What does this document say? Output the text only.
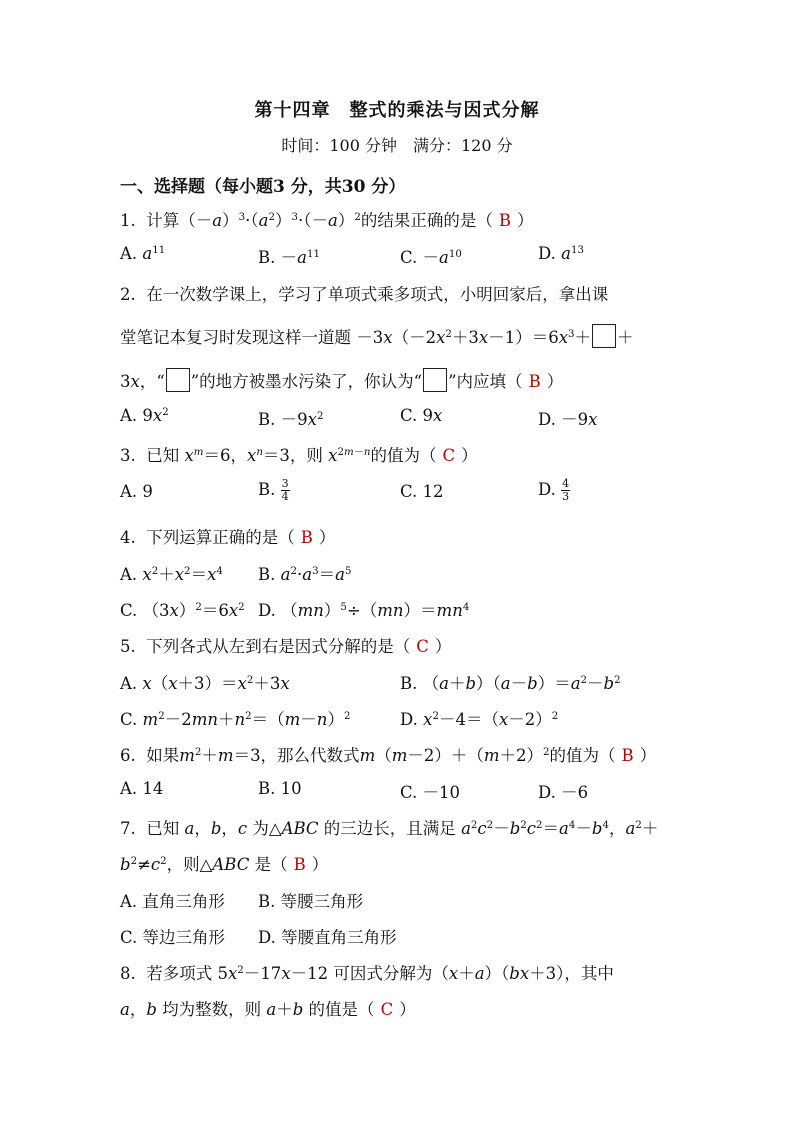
第十四章　整式的乘法与因式分解
时间：100 分钟　满分：120 分
一、选择题（每小题3 分，共30 分）
1.  计算$(-a)^3\cdot(a^2)^3\cdot(-a)^2$的结果正确的是（ B ）
A. $a^{11}$	B. $-a^{11}$	C. $-a^{10}$	D. $a^{13}$
2.  在一次数学课上，学习了单项式乘多项式，小明回家后，拿出课
堂笔记本复习时发现这样一道题 $-3x(-2x^2+3x-1)=6x^3+$ ＋
3x，“ ”的地方被墨水污染了，你认为“ ”内应填（ B ）
A. $9x^2$	B. $-9x^2$	C. 9x	D. －9x
3.  已知 $x^m=6$，$x^n=3$，则 $x^{2m-n}$的值为（ C ）
A. 9	B. $\frac{3}{4}$	C. 12	D. $\frac{4}{3}$
4.  下列运算正确的是（ B ）
A. $x^2+x^2=x^4$ B. $a^2\cdot a^3=a^5$
C. $(3x)^2=6x^2$ D. $(mn)^5\div(mn)=mn^4$
5.  下列各式从左到右是因式分解的是（ C ）
A. $x(x+3)=x^2+3x$	B. $(a+b)(a-b)=a^2-b^2$
C. $m^2-2mn+n^2=(m-n)^2$	D. $x^2-4=(x-2)^2$
6.  如果$m^2+m=3$，那么代数式$m(m-2)+(m+2)^2$的值为（ B ）
A. 14	B. 10	C. －10	D. －6
7.  已知 a，b，c 为△ABC 的三边长，且满足 $a^2c^2-b^2c^2=a^4-b^4$，$a^2+$
$b^2\ne c^2$，则△ABC 是（ B ）
A. 直角三角形 B. 等腰三角形
C. 等边三角形 D. 等腰直角三角形
8.  若多项式 $5x^2-17x-12$ 可因式分解为（x＋a）（bx＋3），其中
a，b 均为整数，则 a＋b 的值是（ C ）
